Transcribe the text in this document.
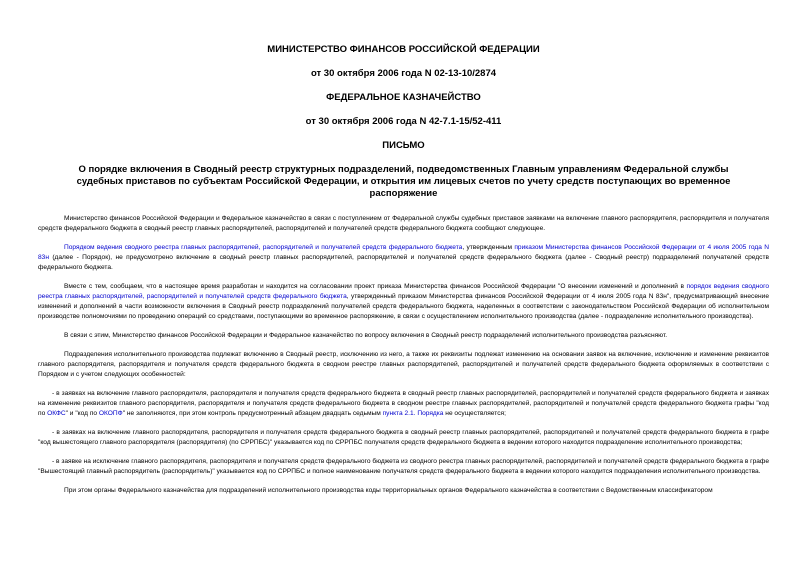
МИНИСТЕРСТВО ФИНАНСОВ РОССИЙСКОЙ ФЕДЕРАЦИИ
от 30 октября 2006 года N 02-13-10/2874
ФЕДЕРАЛЬНОЕ КАЗНАЧЕЙСТВО
от 30 октября 2006 года N 42-7.1-15/52-411
ПИСЬМО
О порядке включения в Сводный реестр структурных подразделений, подведомственных Главным управлениям Федеральной службы судебных приставов по субъектам Российской Федерации, и открытия им лицевых счетов по учету средств поступающих во временное распоряжение

Министерство финансов Российской Федерации и Федеральное казначейство в связи с поступлением от Федеральной службы судебных приставов заявками на включение главного распорядителя, распорядителя и получателя средств федерального бюджета в сводный реестр главных распорядителей, распорядителей и получателей средств федерального бюджета сообщают следующее.

Порядком ведения сводного реестра главных распорядителей, распорядителей и получателей средств федерального бюджета, утвержденным приказом Министерства финансов Российской Федерации от 4 июля 2005 года N 83н (далее - Порядок), не предусмотрено включение в сводный реестр главных распорядителей, распорядителей и получателей средств федерального бюджета (далее - Сводный реестр) подразделений получателей средств федерального бюджета.

Вместе с тем, сообщаем, что в настоящее время разработан и находится на согласовании проект приказа Министерства финансов Российской Федерации "О внесении изменений и дополнений в порядок ведения сводного реестра главных распорядителей, распорядителей и получателей средств федерального бюджета, утвержденный приказом Министерства финансов Российской Федерации от 4 июля 2005 года N 83н", предусматривающий внесение изменений и дополнений в части возможности включения в Сводный реестр подразделений получателей средств федерального бюджета, наделенных в соответствии с законодательством Российской Федерации об исполнительном производстве полномочиями по проведению операций со средствами, поступающими во временное распоряжение, в связи с осуществлением исполнительного производства (далее - подразделение исполнительного производства).

В связи с этим, Министерство финансов Российской Федерации и Федеральное казначейство по вопросу включения в Сводный реестр подразделений исполнительного производства разъясняют.

Подразделения исполнительного производства подлежат включению в Сводный реестр, исключению из него, а также их реквизиты подлежат изменению на основании заявок на включение, исключение и изменение реквизитов главного распорядителя, распорядителя и получателя средств федерального бюджета в сводном реестре главных распорядителей, распорядителей и получателей средств федерального бюджета оформляемых в соответствии с Порядком и с учетом следующих особенностей:

- в заявках на включение главного распорядителя, распорядителя и получателя средств федерального бюджета в сводный реестр главных распорядителей, распорядителей и получателей средств федерального бюджета и заявках на изменение реквизитов главного распорядителя, распорядителя и получателя средств федерального бюджета в сводном реестре главных распорядителей, распорядителей и получателей средств федерального бюджета графы "код по ОКФС" и "код по ОКОПФ" не заполняются, при этом контроль предусмотренный абзацем двадцать седьмым пункта 2.1. Порядка не осуществляется;

- в заявках на включение главного распорядителя, распорядителя и получателя средств федерального бюджета в сводный реестр главных распорядителей, распорядителей и получателей средств федерального бюджета в графе "код вышестоящего главного распорядителя (распорядителя) (по СРРПБС)" указывается код по СРРПБС получателя средств федерального бюджета в ведении которого находится подразделение исполнительного производства;

- в заявке на исключение главного распорядителя, распорядителя и получателя средств федерального бюджета из сводного реестра главных распорядителей, распорядителей и получателей средств федерального бюджета в графе "Вышестоящий главный распорядитель (распорядитель)" указывается код по СРРПБС и полное наименование получателя средств федерального бюджета в ведении которого находится подразделения исполнительного производства.

При этом органы Федерального казначейства для подразделений исполнительного производства коды территориальных органов Федерального казначейства в соответствии с Ведомственным классификатором
